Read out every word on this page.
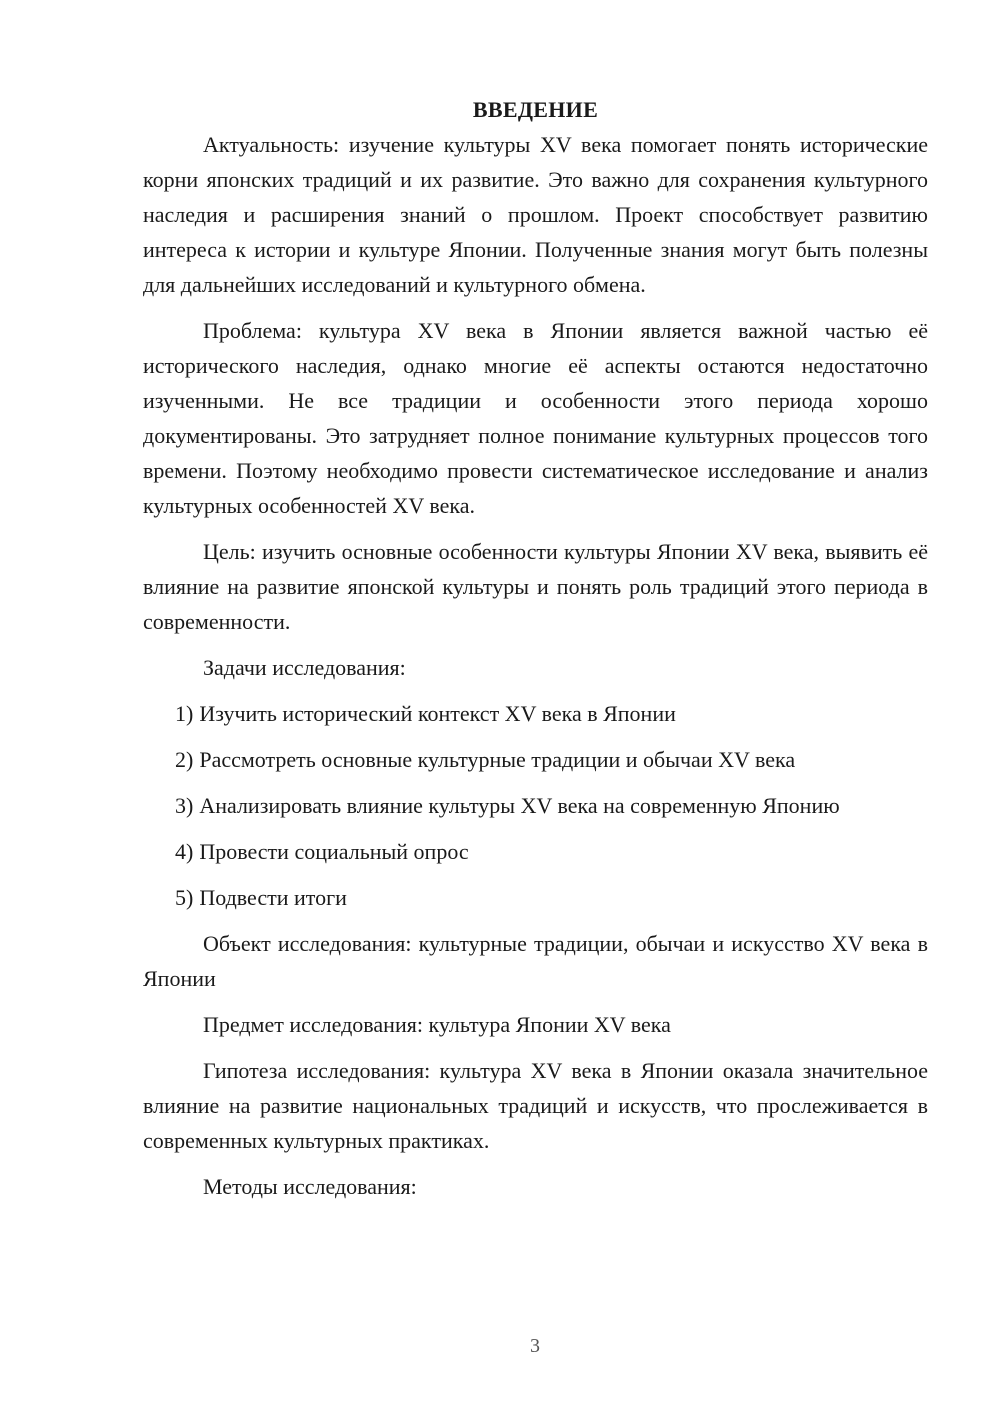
ВВЕДЕНИЕ

Актуальность: изучение культуры XV века помогает понять исторические корни японских традиций и их развитие. Это важно для сохранения культурного наследия и расширения знаний о прошлом. Проект способствует развитию интереса к истории и культуре Японии. Полученные знания могут быть полезны для дальнейших исследований и культурного обмена.

Проблема: культура XV века в Японии является важной частью её исторического наследия, однако многие её аспекты остаются недостаточно изученными. Не все традиции и особенности этого периода хорошо документированы. Это затрудняет полное понимание культурных процессов того времени. Поэтому необходимо провести систематическое исследование и анализ культурных особенностей XV века.

Цель: изучить основные особенности культуры Японии XV века, выявить её влияние на развитие японской культуры и понять роль традиций этого периода в современности.

Задачи исследования:

1) Изучить исторический контекст XV века в Японии
2) Рассмотреть основные культурные традиции и обычаи XV века
3) Анализировать влияние культуры XV века на современную Японию
4) Провести социальный опрос
5) Подвести итоги

Объект исследования: культурные традиции, обычаи и искусство XV века в Японии

Предмет исследования: культура Японии XV века

Гипотеза исследования: культура XV века в Японии оказала значительное влияние на развитие национальных традиций и искусств, что прослеживается в современных культурных практиках.

Методы исследования:

3
